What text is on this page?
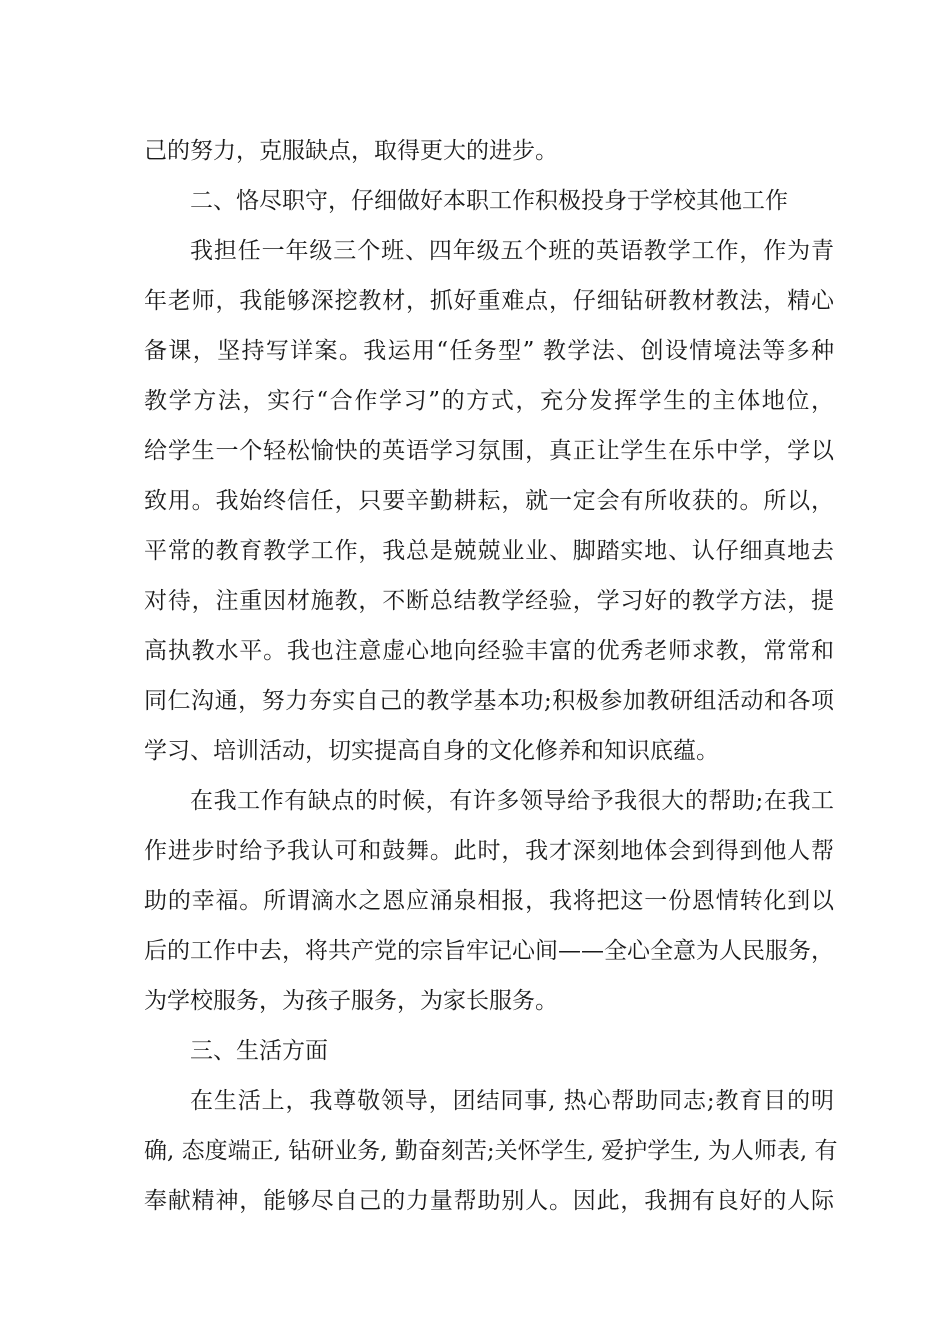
己的努力，克服缺点，取得更大的进步。
二、恪尽职守，仔细做好本职工作积极投身于学校其他工作
我担任一年级三个班、四年级五个班的英语教学工作，作为青
年老师，我能够深挖教材，抓好重难点，仔细钻研教材教法，精心
备课，坚持写详案。我运用“任务型” 教学法、创设情境法等多种
教学方法，实行“合作学习”的方式，充分发挥学生的主体地位，
给学生一个轻松愉快的英语学习氛围，真正让学生在乐中学，学以
致用。我始终信任，只要辛勤耕耘，就一定会有所收获的。所以，
平常的教育教学工作，我总是兢兢业业、脚踏实地、认仔细真地去
对待，注重因材施教，不断总结教学经验，学习好的教学方法，提
高执教水平。我也注意虚心地向经验丰富的优秀老师求教，常常和
同仁沟通，努力夯实自己的教学基本功;积极参加教研组活动和各项
学习、培训活动，切实提高自身的文化修养和知识底蕴。
在我工作有缺点的时候，有许多领导给予我很大的帮助;在我工
作进步时给予我认可和鼓舞。此时，我才深刻地体会到得到他人帮
助的幸福。所谓滴水之恩应涌泉相报，我将把这一份恩情转化到以
后的工作中去，将共产党的宗旨牢记心间——全心全意为人民服务，
为学校服务，为孩子服务，为家长服务。
三、生活方面
在生活上，我尊敬领导，团结同事, 热心帮助同志;教育目的明
确, 态度端正, 钻研业务, 勤奋刻苦;关怀学生, 爱护学生, 为人师表, 有
奉献精神，能够尽自己的力量帮助别人。因此，我拥有良好的人际
